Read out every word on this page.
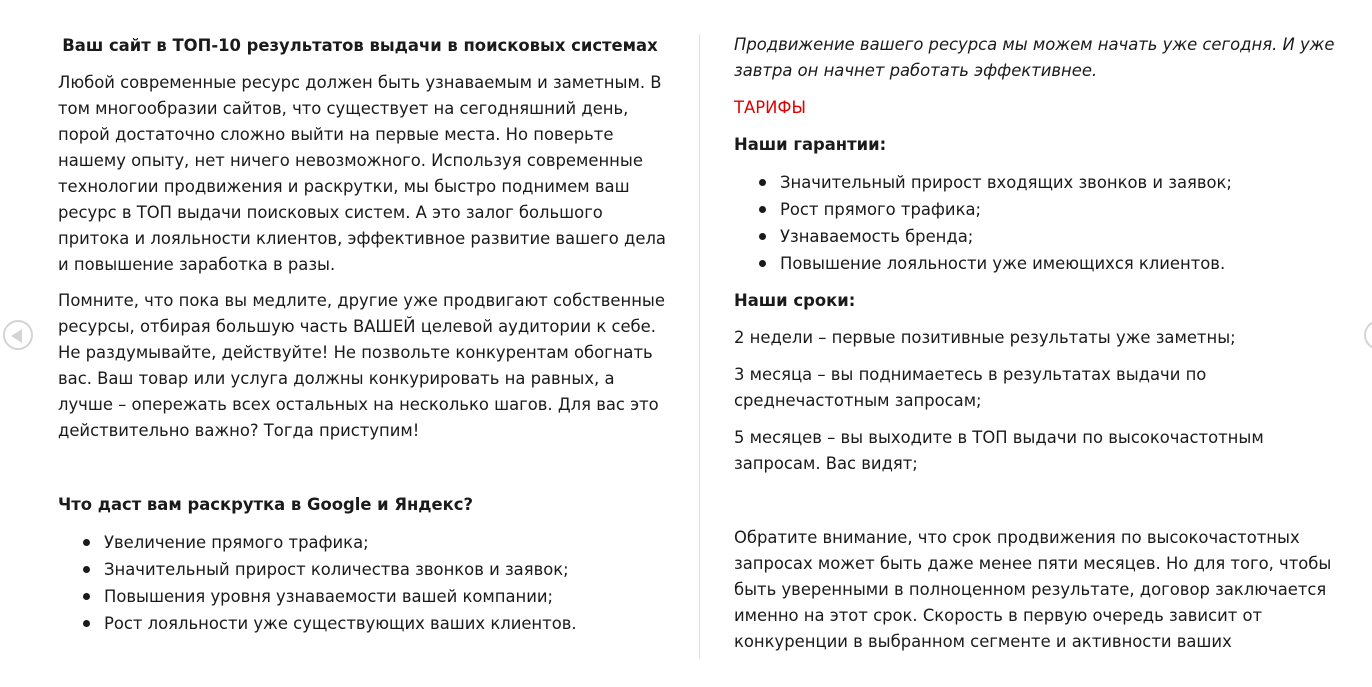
Ваш сайт в ТОП-10 результатов выдачи в поисковых системах

Любой современные ресурс должен быть узнаваемым и заметным. В том многообразии сайтов, что существует на сегодняшний день, порой достаточно сложно выйти на первые места. Но поверьте нашему опыту, нет ничего невозможного. Используя современные технологии продвижения и раскрутки, мы быстро поднимем ваш ресурс в ТОП выдачи поисковых систем. А это залог большого притока и лояльности клиентов, эффективное развитие вашего дела и повышение заработка в разы.

Помните, что пока вы медлите, другие уже продвигают собственные ресурсы, отбирая большую часть ВАШЕЙ целевой аудитории к себе. Не раздумывайте, действуйте! Не позвольте конкурентам обогнать вас. Ваш товар или услуга должны конкурировать на равных, а лучше – опережать всех остальных на несколько шагов. Для вас это действительно важно? Тогда приступим!

Что даст вам раскрутка в Google и Яндекс?

Увеличение прямого трафика;
Значительный прирост количества звонков и заявок;
Повышения уровня узнаваемости вашей компании;
Рост лояльности уже существующих ваших клиентов.

Продвижение вашего ресурса мы можем начать уже сегодня. И уже завтра он начнет работать эффективнее.

ТАРИФЫ

Наши гарантии:

Значительный прирост входящих звонков и заявок;
Рост прямого трафика;
Узнаваемость бренда;
Повышение лояльности уже имеющихся клиентов.

Наши сроки:

2 недели – первые позитивные результаты уже заметны;

3 месяца – вы поднимаетесь в результатах выдачи по среднечастотным запросам;

5 месяцев – вы выходите в ТОП выдачи по высокочастотным запросам. Вас видят;

Обратите внимание, что срок продвижения по высокочастотных запросах может быть даже менее пяти месяцев. Но для того, чтобы быть уверенными в полноценном результате, договор заключается именно на этот срок. Скорость в первую очередь зависит от конкуренции в выбранном сегменте и активности ваших
